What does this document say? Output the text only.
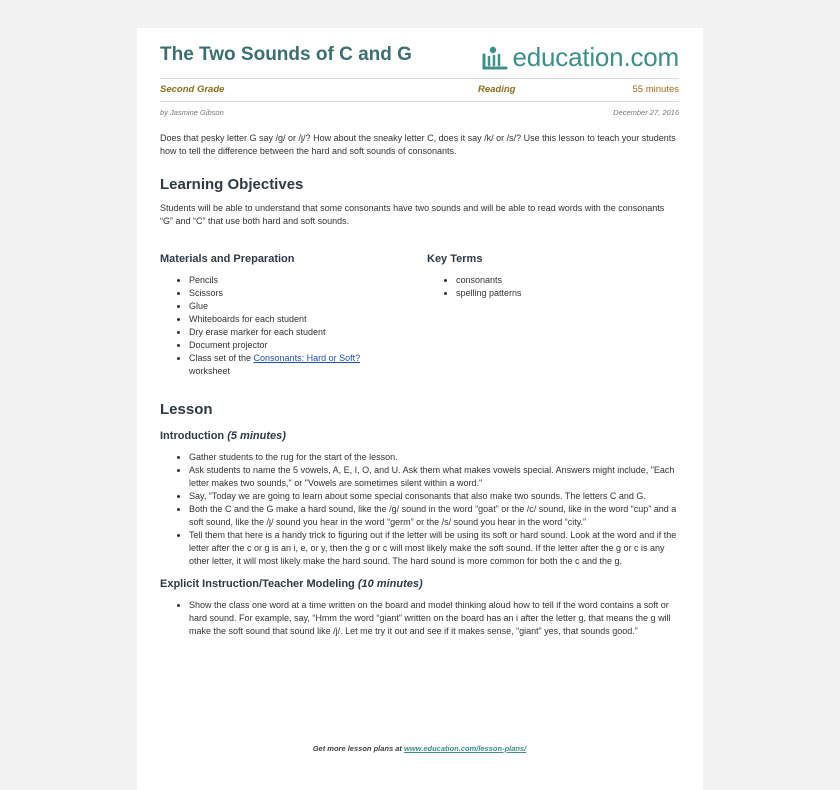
The Two Sounds of C and G	education.com
Second Grade	Reading	55 minutes
by Jasmine Gibson	December 27, 2016

Does that pesky letter G say /g/ or /j/? How about the sneaky letter C, does it say /k/ or /s/? Use this lesson to teach your students how to tell the difference between the hard and soft sounds of consonants.

Learning Objectives

Students will be able to understand that some consonants have two sounds and will be able to read words with the consonants “G” and “C” that use both hard and soft sounds.

Materials and Preparation
• Pencils
• Scissors
• Glue
• Whiteboards for each student
• Dry erase marker for each student
• Document projector
• Class set of the Consonants: Hard or Soft?
worksheet
Key Terms
• consonants
• spelling patterns
Lesson
Introduction (5 minutes)
• Gather students to the rug for the start of the lesson.
• Ask students to name the 5 vowels, A, E, I, O, and U. Ask them what makes vowels special. Answers might include, "Each letter makes two sounds," or "Vowels are sometimes silent within a word."
• Say, “Today we are going to learn about some special consonants that also make two sounds. The letters C and G.
• Both the C and the G make a hard sound, like the /g/ sound in the word “goat” or the /c/ sound, like in the word “cup” and a soft sound, like the /j/ sound you hear in the word “germ” or the /s/ sound you hear in the word “city.”
• Tell them that here is a handy trick to figuring out if the letter will be using its soft or hard sound. Look at the word and if the letter after the c or g is an i, e, or y, then the g or c will most likely make the soft sound. If the letter after the g or c is any other letter, it will most likely make the hard sound. The hard sound is more common for both the c and the g.
Explicit Instruction/Teacher Modeling (10 minutes)
• Show the class one word at a time written on the board and model thinking aloud how to tell if the word contains a soft or hard sound. For example, say, “Hmm the word “giant” written on the board has an i after the letter g, that means the g will make the soft sound that sound like /j/. Let me try it out and see if it makes sense, “giant” yes, that sounds good.”
Get more lesson plans at www.education.com/lesson-plans/
